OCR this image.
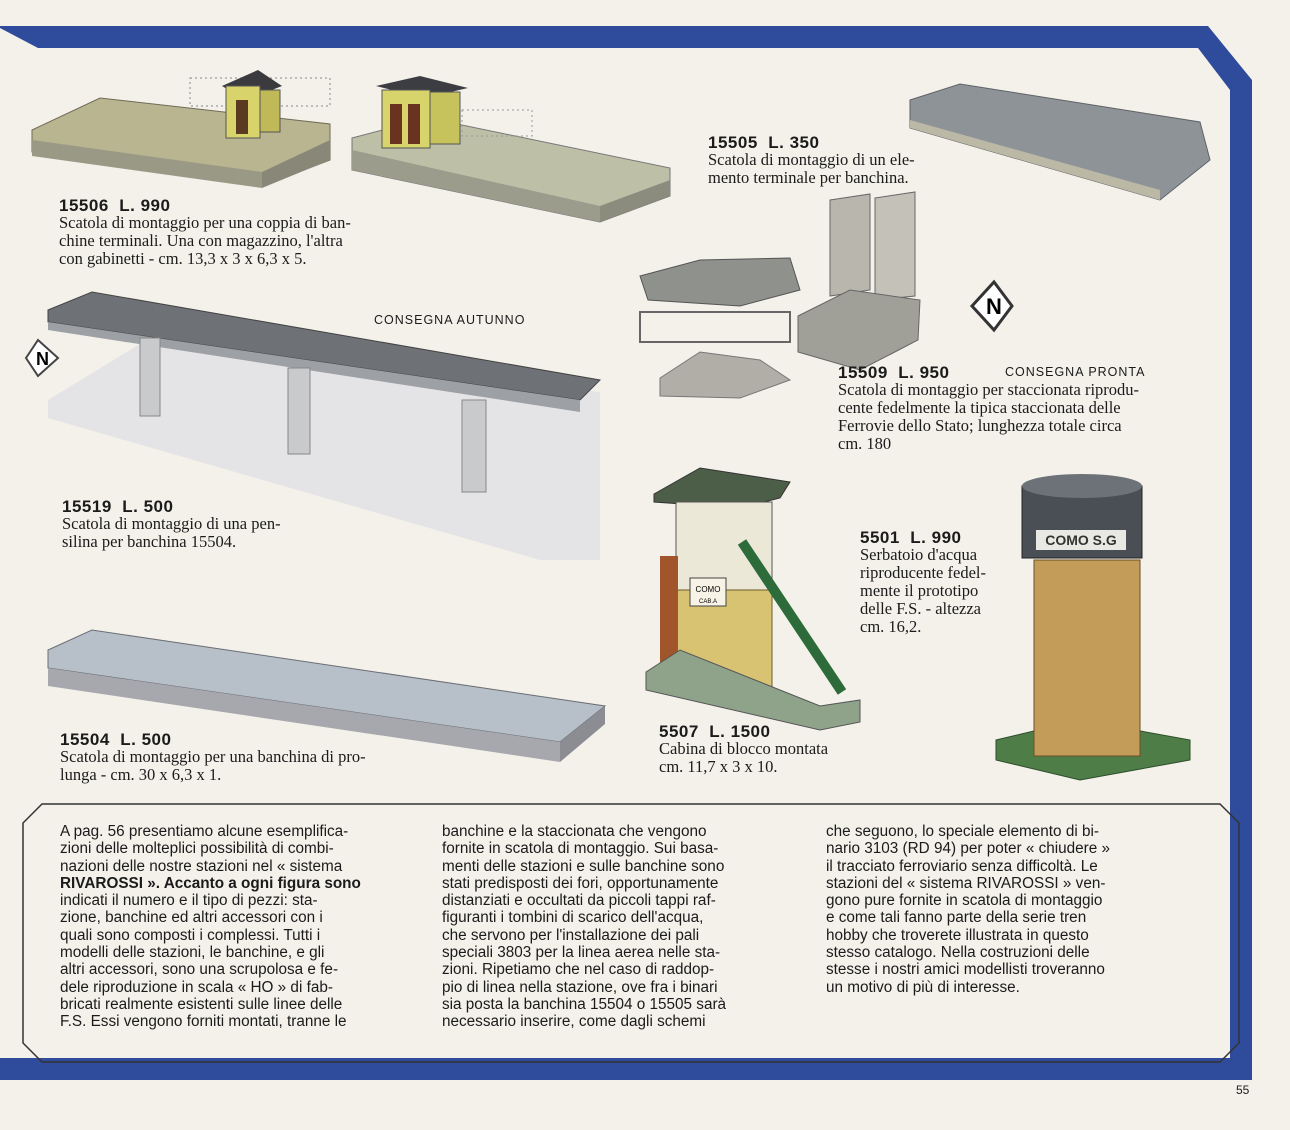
COMO
CAB.A
COMO S.G
N
N
15506 L. 990
Scatola di montaggio per una coppia di ban-
chine terminali. Una con magazzino, l'altra
con gabinetti - cm. 13,3 x 3 x 6,3 x 5.
15505 L. 350
Scatola di montaggio di un ele-
mento terminale per banchina.
CONSEGNA AUTUNNO
15519 L. 500
Scatola di montaggio di una pen-
silina per banchina 15504.
15509 L. 950	CONSEGNA PRONTA
Scatola di montaggio per staccionata riprodu-
cente fedelmente la tipica staccionata delle
Ferrovie dello Stato; lunghezza totale circa
cm. 180
5501 L. 990
Serbatoio d'acqua
riproducente fedel-
mente il prototipo
delle F.S. - altezza
cm. 16,2.
5507 L. 1500
Cabina di blocco montata
cm. 11,7 x 3 x 10.
15504 L. 500
Scatola di montaggio per una banchina di pro-
lunga - cm. 30 x 6,3 x 1.

A pag. 56 presentiamo alcune esemplifica-

zioni delle molteplici possibilità di combi-

nazioni delle nostre stazioni nel « sistema

RIVAROSSI ». Accanto a ogni figura sono

indicati il numero e il tipo di pezzi: sta-

zione, banchine ed altri accessori con i

quali sono composti i complessi. Tutti i

modelli delle stazioni, le banchine, e gli

altri accessori, sono una scrupolosa e fe-

dele riproduzione in scala « HO » di fab-

bricati realmente esistenti sulle linee delle

F.S. Essi vengono forniti montati, tranne le

banchine e la staccionata che vengono

fornite in scatola di montaggio. Sui basa-

menti delle stazioni e sulle banchine sono

stati predisposti dei fori, opportunamente

distanziati e occultati da piccoli tappi raf-

figuranti i tombini di scarico dell'acqua,

che servono per l'installazione dei pali

speciali 3803 per la linea aerea nelle sta-

zioni. Ripetiamo che nel caso di raddop-

pio di linea nella stazione, ove fra i binari

sia posta la banchina 15504 o 15505 sarà

necessario inserire, come dagli schemi

che seguono, lo speciale elemento di bi-

nario 3103 (RD 94) per poter « chiudere »

il tracciato ferroviario senza difficoltà. Le

stazioni del « sistema RIVAROSSI » ven-

gono pure fornite in scatola di montaggio

e come tali fanno parte della serie tren

hobby che troverete illustrata in questo

stesso catalogo. Nella costruzioni delle

stesse i nostri amici modellisti troveranno

un motivo di più di interesse.

55
